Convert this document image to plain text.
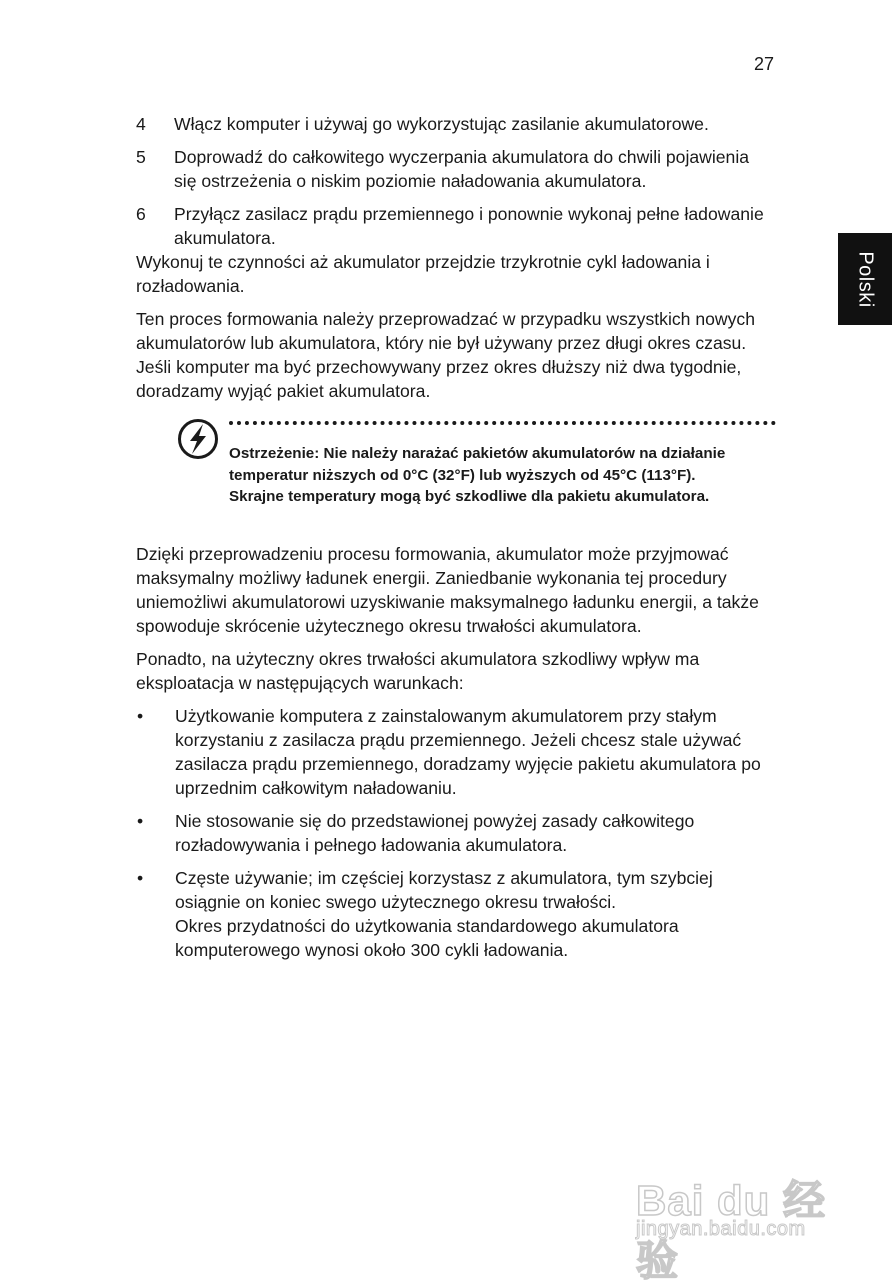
27
Polski
4	Włącz komputer i używaj go wykorzystując zasilanie akumulatorowe.
5	Doprowadź do całkowitego wyczerpania akumulatora do chwili pojawienia się ostrzeżenia o niskim poziomie naładowania akumulatora.
6	Przyłącz zasilacz prądu przemiennego i ponownie wykonaj pełne ładowanie akumulatora.

Wykonuj te czynności aż akumulator przejdzie trzykrotnie cykl ładowania i rozładowania.

Ten proces formowania należy przeprowadzać w przypadku wszystkich nowych akumulatorów lub akumulatora, który nie był używany przez długi okres czasu. Jeśli komputer ma być przechowywany przez okres dłuższy niż dwa tygodnie, doradzamy wyjąć pakiet akumulatora.

Ostrzeżenie: Nie należy narażać pakietów akumulatorów na działanie temperatur niższych od 0°C (32°F) lub wyższych od 45°C (113°F). Skrajne temperatury mogą być szkodliwe dla pakietu akumulatora.

Dzięki przeprowadzeniu procesu formowania, akumulator może przyjmować maksymalny możliwy ładunek energii. Zaniedbanie wykonania tej procedury uniemożliwi akumulatorowi uzyskiwanie maksymalnego ładunku energii, a także spowoduje skrócenie użytecznego okresu trwałości akumulatora.

Ponadto, na użyteczny okres trwałości akumulatora szkodliwy wpływ ma eksploatacja w następujących warunkach:

•	Użytkowanie komputera z zainstalowanym akumulatorem przy stałym korzystaniu z zasilacza prądu przemiennego. Jeżeli chcesz stale używać zasilacza prądu przemiennego, doradzamy wyjęcie pakietu akumulatora po uprzednim całkowitym naładowaniu.
•	Nie stosowanie się do przedstawionej powyżej zasady całkowitego rozładowywania i pełnego ładowania akumulatora.
•	Częste używanie; im częściej korzystasz z akumulatora, tym szybciej osiągnie on koniec swego użytecznego okresu trwałości.
Okres przydatności do użytkowania standardowego akumulatora komputerowego wynosi około 300 cykli ładowania.
Bai du 经验
jingyan.baidu.com
